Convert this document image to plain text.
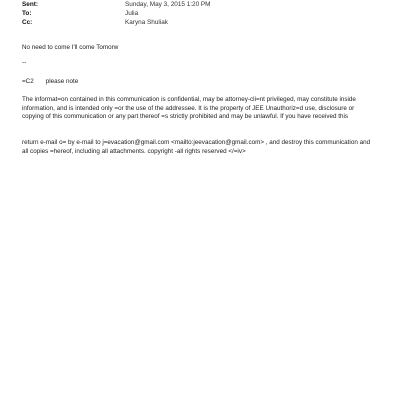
Sent:	Sunday, May 3, 2015 1:20 PM
To:	Julia
Cc:	Karyna Shuliak
No need to come I'll come Tomorw
--
=C2 please note
The informat=on contained in this communication is confidential, may be attorney-cli=nt privileged, may constitute inside information, and is intended only =or the use of the addressee. It is the property of JEE Unauthoriz=d use, disclosure or copying of this communication or any part thereof =s strictly prohibited and may be unlawful. If you have received this
return e-mail o= by e-mail to j=evacation@gmail.com <mailto:jeevacation@gmail.com> , and destroy this communication and all copies =hereof, including all attachments. copyright -all rights reserved </=iv>
